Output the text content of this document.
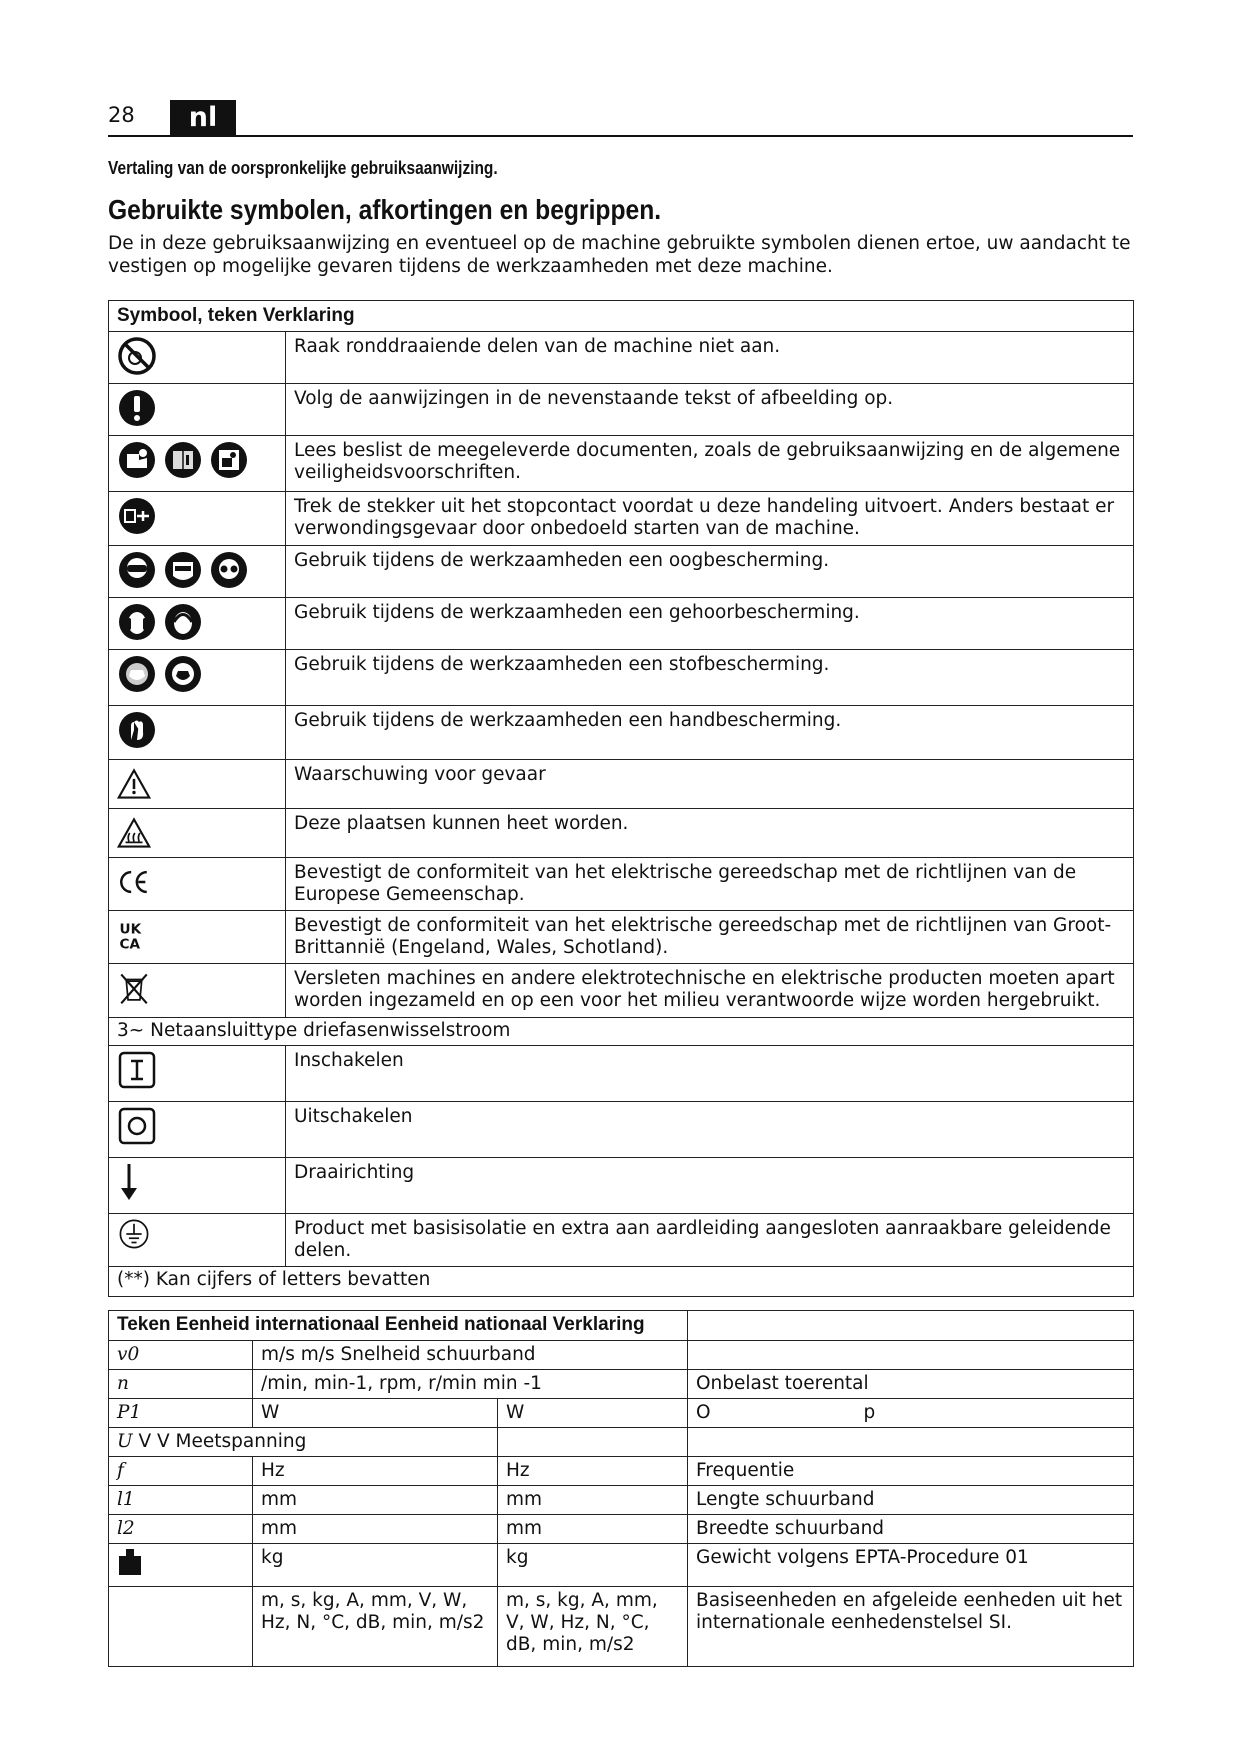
28	nl
Vertaling van de oorspronkelijke gebruiksaanwijzing.
Gebruikte symbolen, afkortingen en begrippen.
De in deze gebruiksaanwijzing en eventueel op de machine gebruikte symbolen dienen ertoe, uw aandacht te vestigen op mogelijke gevaren tijdens de werkzaamheden met deze machine.
Symbool, teken Verklaring	

	Raak ronddraaiende delen van de machine niet aan.

	Volg de aanwijzingen in de nevenstaande tekst of afbeelding op.

	Lees beslist de meegeleverde documenten, zoals de gebruiksaanwijzing en de algemene veiligheidsvoorschriften.

	Trek de stekker uit het stopcontact voordat u deze handeling uitvoert. Anders bestaat er verwondingsgevaar door onbedoeld starten van de machine.

	Gebruik tijdens de werkzaamheden een oogbescherming.

	Gebruik tijdens de werkzaamheden een gehoorbescherming.

	Gebruik tijdens de werkzaamheden een stofbescherming.

	Gebruik tijdens de werkzaamheden een handbescherming.

	Waarschuwing voor gevaar

	Deze plaatsen kunnen heet worden.

	Bevestigt de conformiteit van het elektrische gereedschap met de richtlijnen van de Europese Gemeenschap.

UK
CA	Bevestigt de conformiteit van het elektrische gereedschap met de richtlijnen van Groot-Brittannië (Engeland, Wales, Schotland).

	Versleten machines en andere elektrotechnische en elektrische producten moeten apart worden ingezameld en op een voor het milieu verantwoorde wijze worden hergebruikt.
3~ Netaansluittype driefasenwisselstroom	

	Inschakelen

	Uitschakelen

	Draairichting

	Product met basisisolatie en extra aan aardleiding aangesloten aanraakbare geleidende delen.
(**) Kan cijfers of letters bevatten	
Teken Eenheid internationaal Eenheid nationaal Verklaring			
v0	m/s m/s Snelheid schuurband		
n	/min, min-1, rpm, r/min min -1		Onbelast toerental
P1	W	W	O                          p
U V V Meetspanning			
f	Hz	Hz	Frequentie
l1	mm	mm	Lengte schuurband
l2	mm	mm	Breedte schuurband
	kg	kg	Gewicht volgens EPTA-Procedure 01
	m, s, kg, A, mm, V, W, Hz, N, °C, dB, min, m/s2	m, s, kg, A, mm, V, W, Hz, N, °C, dB, min, m/s2	Basiseenheden en afgeleide eenheden uit het internationale eenhedenstelsel SI.
